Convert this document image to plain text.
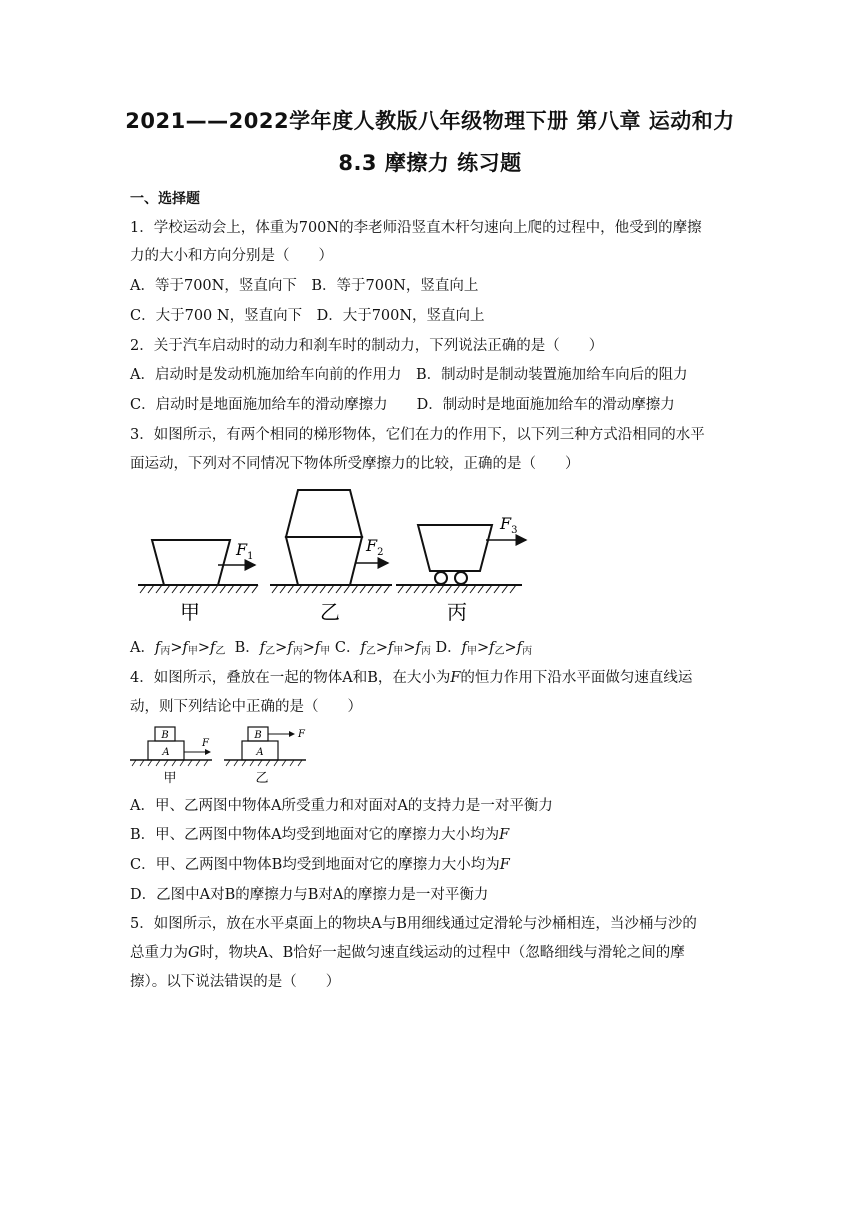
2021——2022学年度人教版八年级物理下册 第八章 运动和力
8.3 摩擦力 练习题
一、选择题
1．学校运动会上，体重为700N的李老师沿竖直木杆匀速向上爬的过程中，他受到的摩擦
力的大小和方向分别是（　　）
A．等于700N，竖直向下　B．等于700N，竖直向上
C．大于700 N，竖直向下　D．大于700N，竖直向上
2．关于汽车启动时的动力和刹车时的制动力，下列说法正确的是（　　）
A．启动时是发动机施加给车向前的作用力　B．制动时是制动装置施加给车向后的阻力
C．启动时是地面施加给车的滑动摩擦力　　D．制动时是地面施加给车的滑动摩擦力
3．如图所示，有两个相同的梯形物体，它们在力的作用下，以下列三种方式沿相同的水平
面运动，下列对不同情况下物体所受摩擦力的比较，正确的是（　　）
$F_1$
甲
$F_2$
乙
$F_3$
丙
A．$f_丙>f_甲>f_乙$ B．$f_乙>f_丙>f_甲$ C．$f_乙>f_甲>f_丙$ D．$f_甲>f_乙>f_丙$
4．如图所示，叠放在一起的物体A和B，在大小为F的恒力作用下沿水平面做匀速直线运
动，则下列结论中正确的是（　　）
B
A
F
甲
B
A
F
乙
A．甲、乙两图中物体A所受重力和对面对A的支持力是一对平衡力
B．甲、乙两图中物体A均受到地面对它的摩擦力大小均为F
C．甲、乙两图中物体B均受到地面对它的摩擦力大小均为F
D．乙图中A对B的摩擦力与B对A的摩擦力是一对平衡力
5．如图所示，放在水平桌面上的物块A与B用细线通过定滑轮与沙桶相连，当沙桶与沙的
总重力为G时，物块A、B恰好一起做匀速直线运动的过程中（忽略细线与滑轮之间的摩
擦）。以下说法错误的是（　　）
